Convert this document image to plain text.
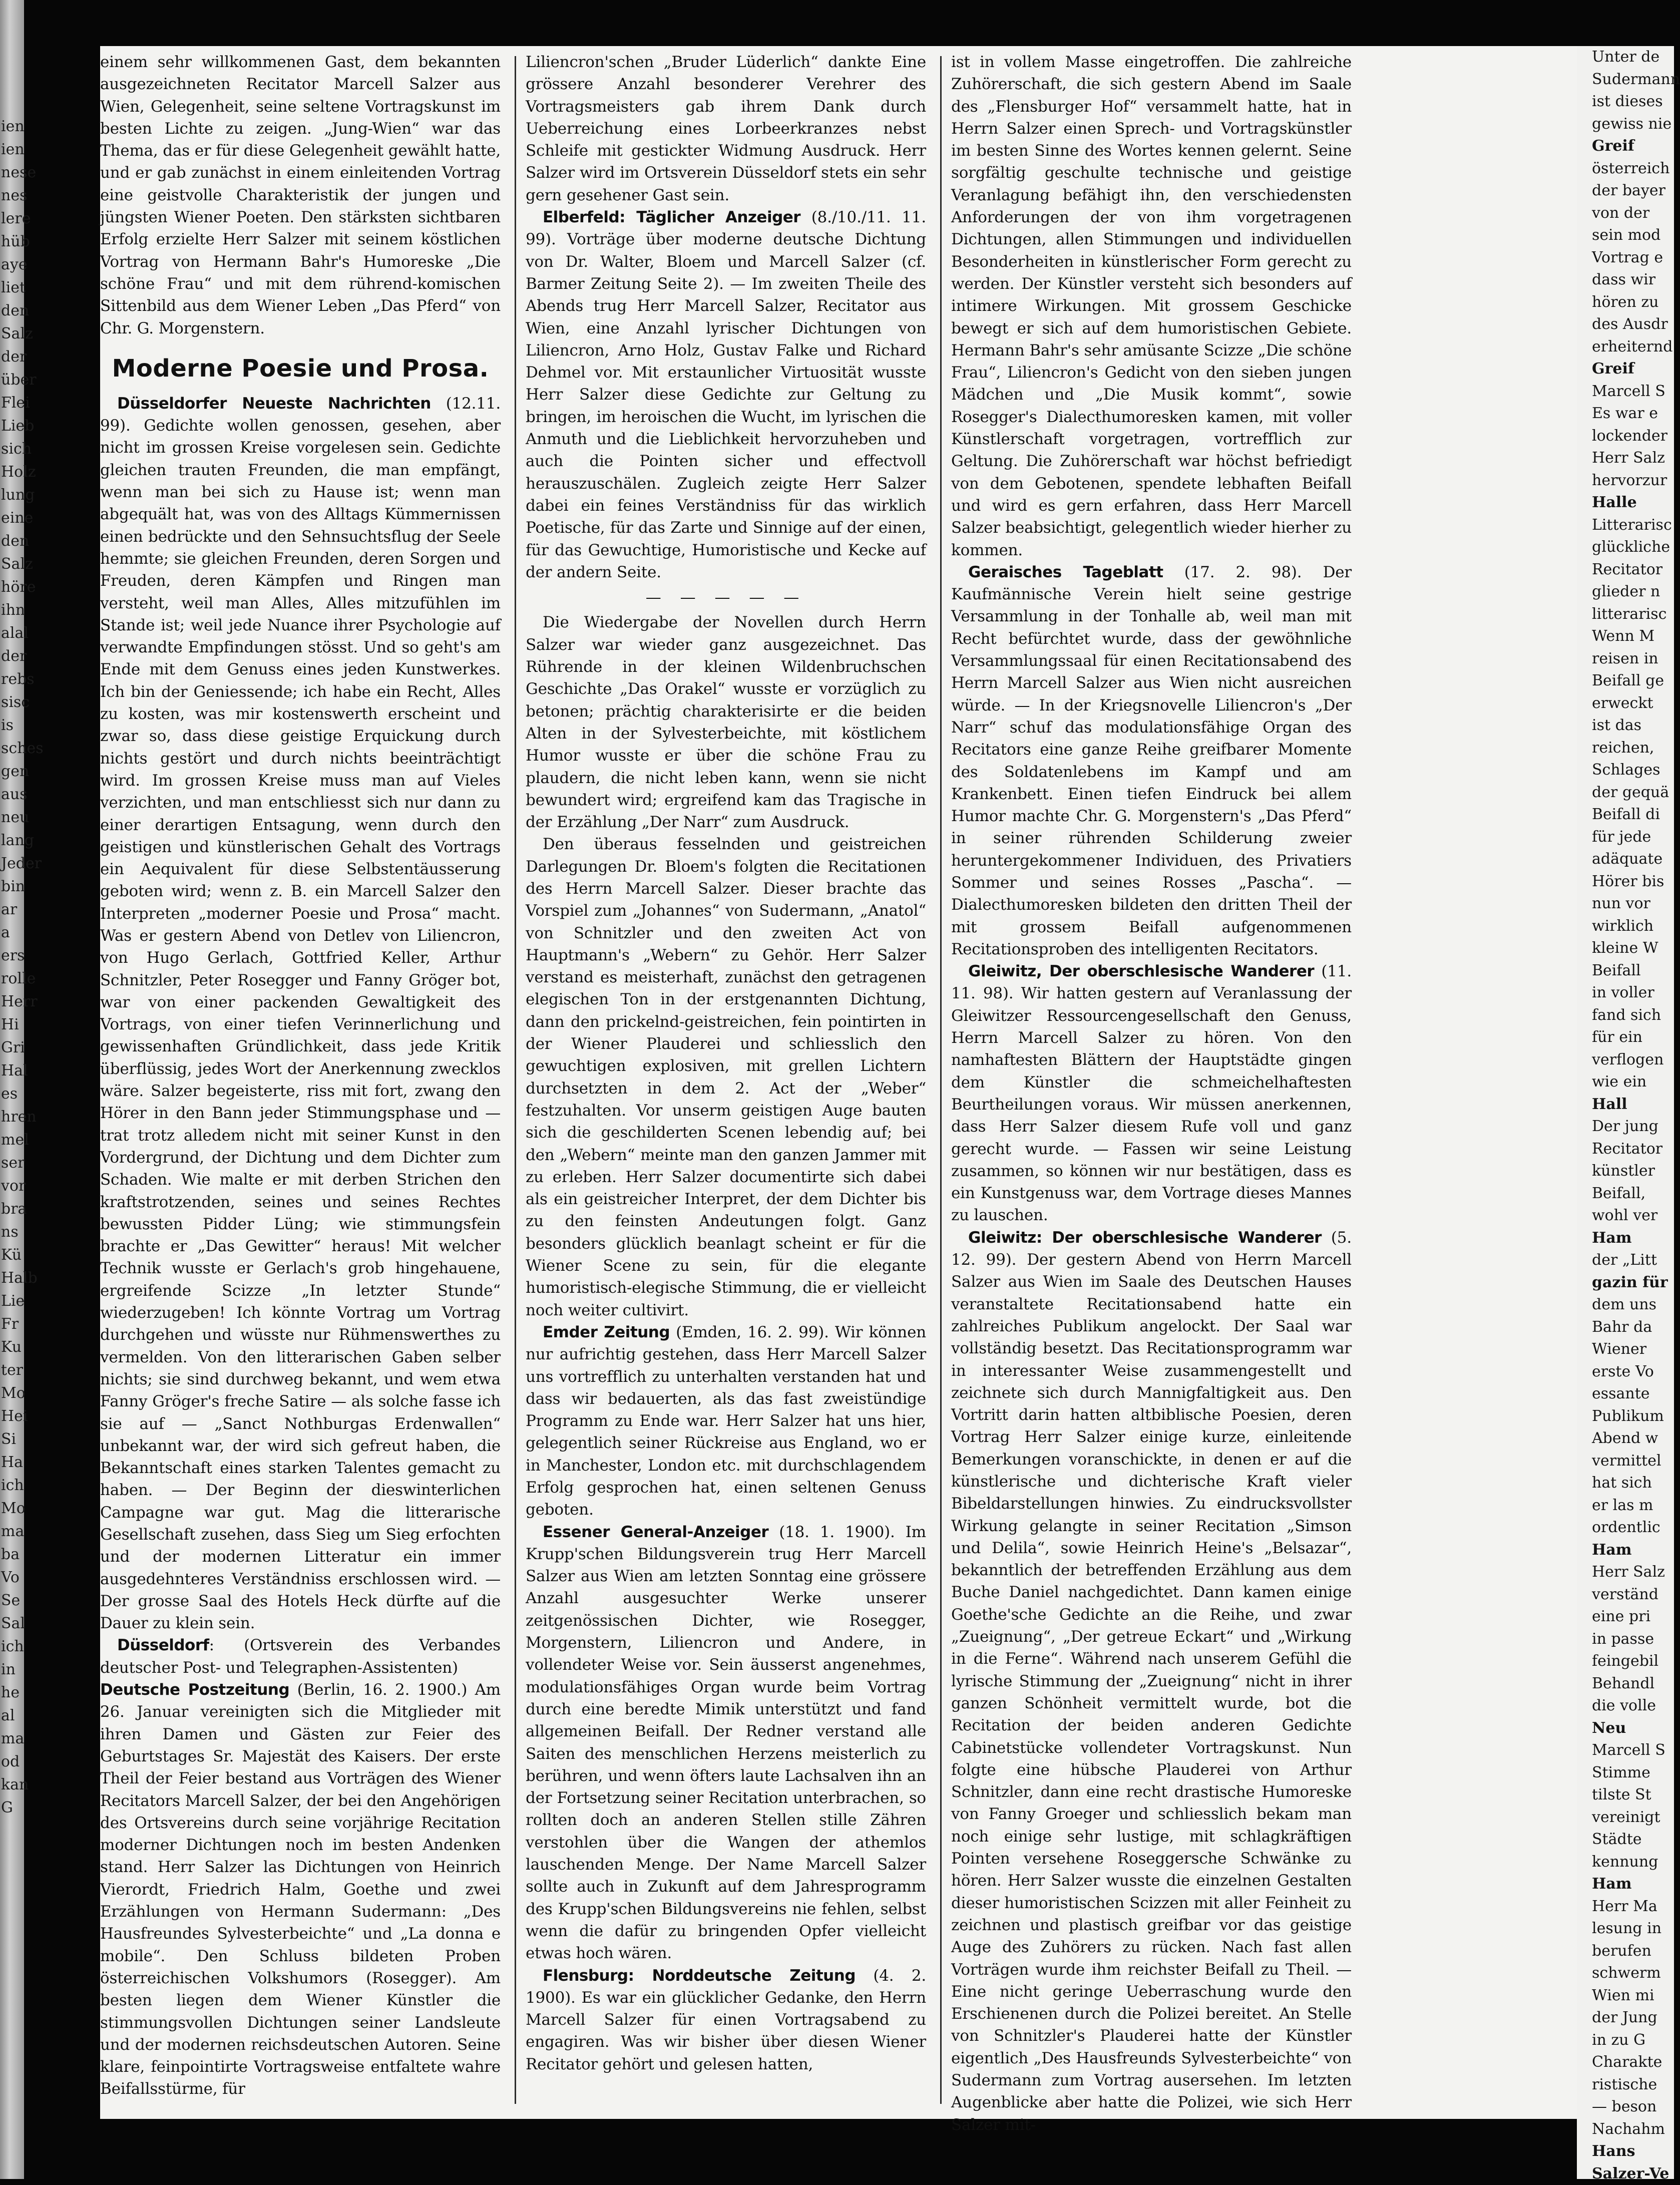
ien
ien
nese
nes
lere
hüb
aye
liet
den
Salz
der
über
Flei
Lieb
sich
Holz
lung
eine
den
Salz
höre
ihn
alal
der
rebs
sisc
is
sches
gen
aus
neu
lang
Jeder
bin
ar
a
ers
rolle
Herr
Hi
Gri
Hal
es
hren
mel
ser
vor
bra
ns
Kü
Halb
Lie
Fr
Ku
ter
Mo
Hei
Si
Ha
ich
Mo
ma
ba
Vo
Se
Sal
ich
in
he
al
ma
od
kan
G

einem sehr willkommenen Gast, dem bekannten ausgezeichneten Recitator Marcell Salzer aus Wien, Gelegenheit, seine seltene Vortragskunst im besten Lichte zu zeigen. „Jung-Wien“ war das Thema, das er für diese Gelegenheit gewählt hatte, und er gab zunächst in einem einleitenden Vortrag eine geistvolle Charakteristik der jungen und jüngsten Wiener Poeten. Den stärksten sichtbaren Erfolg erzielte Herr Salzer mit seinem köstlichen Vortrag von Hermann Bahr's Humoreske „Die schöne Frau“ und mit dem rührend-komischen Sittenbild aus dem Wiener Leben „Das Pferd“ von Chr. G. Morgenstern.

Moderne Poesie und Prosa.

Düsseldorfer Neueste Nachrichten (12.11. 99). Gedichte wollen genossen, gesehen, aber nicht im grossen Kreise vorgelesen sein. Gedichte gleichen trauten Freunden, die man empfängt, wenn man bei sich zu Hause ist; wenn man abgequält hat, was von des Alltags Kümmernissen einen bedrückte und den Sehnsuchtsflug der Seele hemmte; sie gleichen Freunden, deren Sorgen und Freuden, deren Kämpfen und Ringen man versteht, weil man Alles, Alles mitzufühlen im Stande ist; weil jede Nuance ihrer Psychologie auf verwandte Empfindungen stösst. Und so geht's am Ende mit dem Genuss eines jeden Kunstwerkes. Ich bin der Geniessende; ich habe ein Recht, Alles zu kosten, was mir kostenswerth erscheint und zwar so, dass diese geistige Erquickung durch nichts gestört und durch nichts beeinträchtigt wird. Im grossen Kreise muss man auf Vieles verzichten, und man entschliesst sich nur dann zu einer derartigen Entsagung, wenn durch den geistigen und künstlerischen Gehalt des Vortrags ein Aequivalent für diese Selbstentäusserung geboten wird; wenn z. B. ein Marcell Salzer den Interpreten „moderner Poesie und Prosa“ macht. Was er gestern Abend von Detlev von Liliencron, von Hugo Gerlach, Gottfried Keller, Arthur Schnitzler, Peter Rosegger und Fanny Gröger bot, war von einer packenden Gewaltigkeit des Vortrags, von einer tiefen Verinnerlichung und gewissenhaften Gründlichkeit, dass jede Kritik überflüssig, jedes Wort der Anerkennung zwecklos wäre. Salzer begeisterte, riss mit fort, zwang den Hörer in den Bann jeder Stimmungsphase und — trat trotz alledem nicht mit seiner Kunst in den Vordergrund, der Dichtung und dem Dichter zum Schaden. Wie malte er mit derben Strichen den kraftstrotzenden, seines und seines Rechtes bewussten Pidder Lüng; wie stimmungsfein brachte er „Das Gewitter“ heraus! Mit welcher Technik wusste er Gerlach's grob hingehauene, ergreifende Scizze „In letzter Stunde“ wiederzugeben! Ich könnte Vortrag um Vortrag durchgehen und wüsste nur Rühmenswerthes zu vermelden. Von den litterarischen Gaben selber nichts; sie sind durchweg bekannt, und wem etwa Fanny Gröger's freche Satire — als solche fasse ich sie auf — „Sanct Nothburgas Erdenwallen“ unbekannt war, der wird sich gefreut haben, die Bekanntschaft eines starken Talentes gemacht zu haben. — Der Beginn der dieswinterlichen Campagne war gut. Mag die litterarische Gesellschaft zusehen, dass Sieg um Sieg erfochten und der modernen Litteratur ein immer ausgedehnteres Verständniss erschlossen wird. — Der grosse Saal des Hotels Heck dürfte auf die Dauer zu klein sein.

Düsseldorf: (Ortsverein des Verbandes deutscher Post- und Telegraphen-Assistenten)

Deutsche Postzeitung (Berlin, 16. 2. 1900.) Am 26. Januar vereinigten sich die Mitglieder mit ihren Damen und Gästen zur Feier des Geburtstages Sr. Majestät des Kaisers. Der erste Theil der Feier bestand aus Vorträgen des Wiener Recitators Marcell Salzer, der bei den Angehörigen des Ortsvereins durch seine vorjährige Recitation moderner Dichtungen noch im besten Andenken stand. Herr Salzer las Dichtungen von Heinrich Vierordt, Friedrich Halm, Goethe und zwei Erzählungen von Hermann Sudermann: „Des Hausfreundes Sylvesterbeichte“ und „La donna e mobile“. Den Schluss bildeten Proben österreichischen Volkshumors (Rosegger). Am besten liegen dem Wiener Künstler die stimmungsvollen Dichtungen seiner Landsleute und der modernen reichsdeutschen Autoren. Seine klare, feinpointirte Vortragsweise entfaltete wahre Beifallsstürme, für

Liliencron'schen „Bruder Lüderlich“ dankte Eine grössere Anzahl besonderer Verehrer des Vortragsmeisters gab ihrem Dank durch Ueberreichung eines Lorbeerkranzes nebst Schleife mit gestickter Widmung Ausdruck. Herr Salzer wird im Ortsverein Düsseldorf stets ein sehr gern gesehener Gast sein.

Elberfeld: Täglicher Anzeiger (8./10./11. 11. 99). Vorträge über moderne deutsche Dichtung von Dr. Walter, Bloem und Marcell Salzer (cf. Barmer Zeitung Seite 2). — Im zweiten Theile des Abends trug Herr Marcell Salzer, Recitator aus Wien, eine Anzahl lyrischer Dichtungen von Liliencron, Arno Holz, Gustav Falke und Richard Dehmel vor. Mit erstaunlicher Virtuosität wusste Herr Salzer diese Gedichte zur Geltung zu bringen, im heroischen die Wucht, im lyrischen die Anmuth und die Lieblichkeit hervorzuheben und auch die Pointen sicher und effectvoll herauszuschälen. Zugleich zeigte Herr Salzer dabei ein feines Verständniss für das wirklich Poetische, für das Zarte und Sinnige auf der einen, für das Gewuchtige, Humoristische und Kecke auf der andern Seite.

— — — — —

Die Wiedergabe der Novellen durch Herrn Salzer war wieder ganz ausgezeichnet. Das Rührende in der kleinen Wildenbruchschen Geschichte „Das Orakel“ wusste er vorzüglich zu betonen; prächtig charakterisirte er die beiden Alten in der Sylvesterbeichte, mit köstlichem Humor wusste er über die schöne Frau zu plaudern, die nicht leben kann, wenn sie nicht bewundert wird; ergreifend kam das Tragische in der Erzählung „Der Narr“ zum Ausdruck.

Den überaus fesselnden und geistreichen Darlegungen Dr. Bloem's folgten die Recitationen des Herrn Marcell Salzer. Dieser brachte das Vorspiel zum „Johannes“ von Sudermann, „Anatol“ von Schnitzler und den zweiten Act von Hauptmann's „Webern“ zu Gehör. Herr Salzer verstand es meisterhaft, zunächst den getragenen elegischen Ton in der erstgenannten Dichtung, dann den prickelnd-geistreichen, fein pointirten in der Wiener Plauderei und schliesslich den gewuchtigen explosiven, mit grellen Lichtern durchsetzten in dem 2. Act der „Weber“ festzuhalten. Vor unserm geistigen Auge bauten sich die geschilderten Scenen lebendig auf; bei den „Webern“ meinte man den ganzen Jammer mit zu erleben. Herr Salzer documentirte sich dabei als ein geistreicher Interpret, der dem Dichter bis zu den feinsten Andeutungen folgt. Ganz besonders glücklich beanlagt scheint er für die Wiener Scene zu sein, für die elegante humoristisch-elegische Stimmung, die er vielleicht noch weiter cultivirt.

Emder Zeitung (Emden, 16. 2. 99). Wir können nur aufrichtig gestehen, dass Herr Marcell Salzer uns vortrefflich zu unterhalten verstanden hat und dass wir bedauerten, als das fast zweistündige Programm zu Ende war. Herr Salzer hat uns hier, gelegentlich seiner Rückreise aus England, wo er in Manchester, London etc. mit durchschlagendem Erfolg gesprochen hat, einen seltenen Genuss geboten.

Essener General-Anzeiger (18. 1. 1900). Im Krupp'schen Bildungsverein trug Herr Marcell Salzer aus Wien am letzten Sonntag eine grössere Anzahl ausgesuchter Werke unserer zeitgenössischen Dichter, wie Rosegger, Morgenstern, Liliencron und Andere, in vollendeter Weise vor. Sein äusserst angenehmes, modulationsfähiges Organ wurde beim Vortrag durch eine beredte Mimik unterstützt und fand allgemeinen Beifall. Der Redner verstand alle Saiten des menschlichen Herzens meisterlich zu berühren, und wenn öfters laute Lachsalven ihn an der Fortsetzung seiner Recitation unterbrachen, so rollten doch an anderen Stellen stille Zähren verstohlen über die Wangen der athemlos lauschenden Menge. Der Name Marcell Salzer sollte auch in Zukunft auf dem Jahresprogramm des Krupp'schen Bildungsvereins nie fehlen, selbst wenn die dafür zu bringenden Opfer vielleicht etwas hoch wären.

Flensburg: Norddeutsche Zeitung (4. 2. 1900). Es war ein glücklicher Gedanke, den Herrn Marcell Salzer für einen Vortragsabend zu engagiren. Was wir bisher über diesen Wiener Recitator gehört und gelesen hatten,

ist in vollem Masse eingetroffen. Die zahlreiche Zuhörerschaft, die sich gestern Abend im Saale des „Flensburger Hof“ versammelt hatte, hat in Herrn Salzer einen Sprech- und Vortragskünstler im besten Sinne des Wortes kennen gelernt. Seine sorgfältig geschulte technische und geistige Veranlagung befähigt ihn, den verschiedensten Anforderungen der von ihm vorgetragenen Dichtungen, allen Stimmungen und individuellen Besonderheiten in künstlerischer Form gerecht zu werden. Der Künstler versteht sich besonders auf intimere Wirkungen. Mit grossem Geschicke bewegt er sich auf dem humoristischen Gebiete. Hermann Bahr's sehr amüsante Scizze „Die schöne Frau“, Liliencron's Gedicht von den sieben jungen Mädchen und „Die Musik kommt“, sowie Rosegger's Dialecthumoresken kamen, mit voller Künstlerschaft vorgetragen, vortrefflich zur Geltung. Die Zuhörerschaft war höchst befriedigt von dem Gebotenen, spendete lebhaften Beifall und wird es gern erfahren, dass Herr Marcell Salzer beabsichtigt, gelegentlich wieder hierher zu kommen.

Geraisches Tageblatt (17. 2. 98). Der Kaufmännische Verein hielt seine gestrige Versammlung in der Tonhalle ab, weil man mit Recht befürchtet wurde, dass der gewöhnliche Versammlungssaal für einen Recitationsabend des Herrn Marcell Salzer aus Wien nicht ausreichen würde. — In der Kriegsnovelle Liliencron's „Der Narr“ schuf das modulationsfähige Organ des Recitators eine ganze Reihe greifbarer Momente des Soldatenlebens im Kampf und am Krankenbett. Einen tiefen Eindruck bei allem Humor machte Chr. G. Morgenstern's „Das Pferd“ in seiner rührenden Schilderung zweier heruntergekommener Individuen, des Privatiers Sommer und seines Rosses „Pascha“. — Dialecthumoresken bildeten den dritten Theil der mit grossem Beifall aufgenommenen Recitationsproben des intelligenten Recitators.

Gleiwitz, Der oberschlesische Wanderer (11. 11. 98). Wir hatten gestern auf Veranlassung der Gleiwitzer Ressourcengesellschaft den Genuss, Herrn Marcell Salzer zu hören. Von den namhaftesten Blättern der Hauptstädte gingen dem Künstler die schmeichelhaftesten Beurtheilungen voraus. Wir müssen anerkennen, dass Herr Salzer diesem Rufe voll und ganz gerecht wurde. — Fassen wir seine Leistung zusammen, so können wir nur bestätigen, dass es ein Kunstgenuss war, dem Vortrage dieses Mannes zu lauschen.

Gleiwitz: Der oberschlesische Wanderer (5. 12. 99). Der gestern Abend von Herrn Marcell Salzer aus Wien im Saale des Deutschen Hauses veranstaltete Recitationsabend hatte ein zahlreiches Publikum angelockt. Der Saal war vollständig besetzt. Das Recitationsprogramm war in interessanter Weise zusammengestellt und zeichnete sich durch Mannigfaltigkeit aus. Den Vortritt darin hatten altbiblische Poesien, deren Vortrag Herr Salzer einige kurze, einleitende Bemerkungen voranschickte, in denen er auf die künstlerische und dichterische Kraft vieler Bibeldarstellungen hinwies. Zu eindrucksvollster Wirkung gelangte in seiner Recitation „Simson und Delila“, sowie Heinrich Heine's „Belsazar“, bekanntlich der betreffenden Erzählung aus dem Buche Daniel nachgedichtet. Dann kamen einige Goethe'sche Gedichte an die Reihe, und zwar „Zueignung“, „Der getreue Eckart“ und „Wirkung in die Ferne“. Während nach unserem Gefühl die lyrische Stimmung der „Zueignung“ nicht in ihrer ganzen Schönheit vermittelt wurde, bot die Recitation der beiden anderen Gedichte Cabinetstücke vollendeter Vortragskunst. Nun folgte eine hübsche Plauderei von Arthur Schnitzler, dann eine recht drastische Humoreske von Fanny Groeger und schliesslich bekam man noch einige sehr lustige, mit schlagkräftigen Pointen versehene Roseggersche Schwänke zu hören. Herr Salzer wusste die einzelnen Gestalten dieser humoristischen Scizzen mit aller Feinheit zu zeichnen und plastisch greifbar vor das geistige Auge des Zuhörers zu rücken. Nach fast allen Vorträgen wurde ihm reichster Beifall zu Theil. — Eine nicht geringe Ueberraschung wurde den Erschienenen durch die Polizei bereitet. An Stelle von Schnitzler's Plauderei hatte der Künstler eigentlich „Des Hausfreunds Sylvesterbeichte“ von Sudermann zum Vortrag ausersehen. Im letzten Augenblicke aber hatte die Polizei, wie sich Herr Salzer mit-

Unter de
Sudermann
ist dieses
gewiss nie
Greif
österreich
der bayer
von der
sein mod
Vortrag e
dass wir
hören zu
des Ausdr
erheiternd
Greif
Marcell S
Es war e
lockender
Herr Salz
hervorzur
Halle
Litterarisc
glückliche
Recitator
glieder n
litterarisc
Wenn M
reisen in
Beifall ge
erweckt
ist das
reichen,
Schlages
der gequä
Beifall di
für jede
adäquate
Hörer bis
nun vor
wirklich
kleine W
Beifall
in voller
fand sich
für ein
verflogen
wie ein
Hall
Der jung
Recitator
künstler
Beifall,
wohl ver
Ham
der „Litt
gazin für
dem uns
Bahr da
Wiener
erste Vo
essante
Publikum
Abend w
vermittel
hat sich
er las m
ordentlic
Ham
Herr Salz
verständ
eine pri
in passe
feingebil
Behandl
die volle
Neu
Marcell S
Stimme
tilste St
vereinigt
Städte
kennung
Ham
Herr Ma
lesung in
berufen
schwerm
Wien mi
der Jung
in zu G
Charakte
ristische
— beson
Nachahm
Hans
Salzer-Ve
